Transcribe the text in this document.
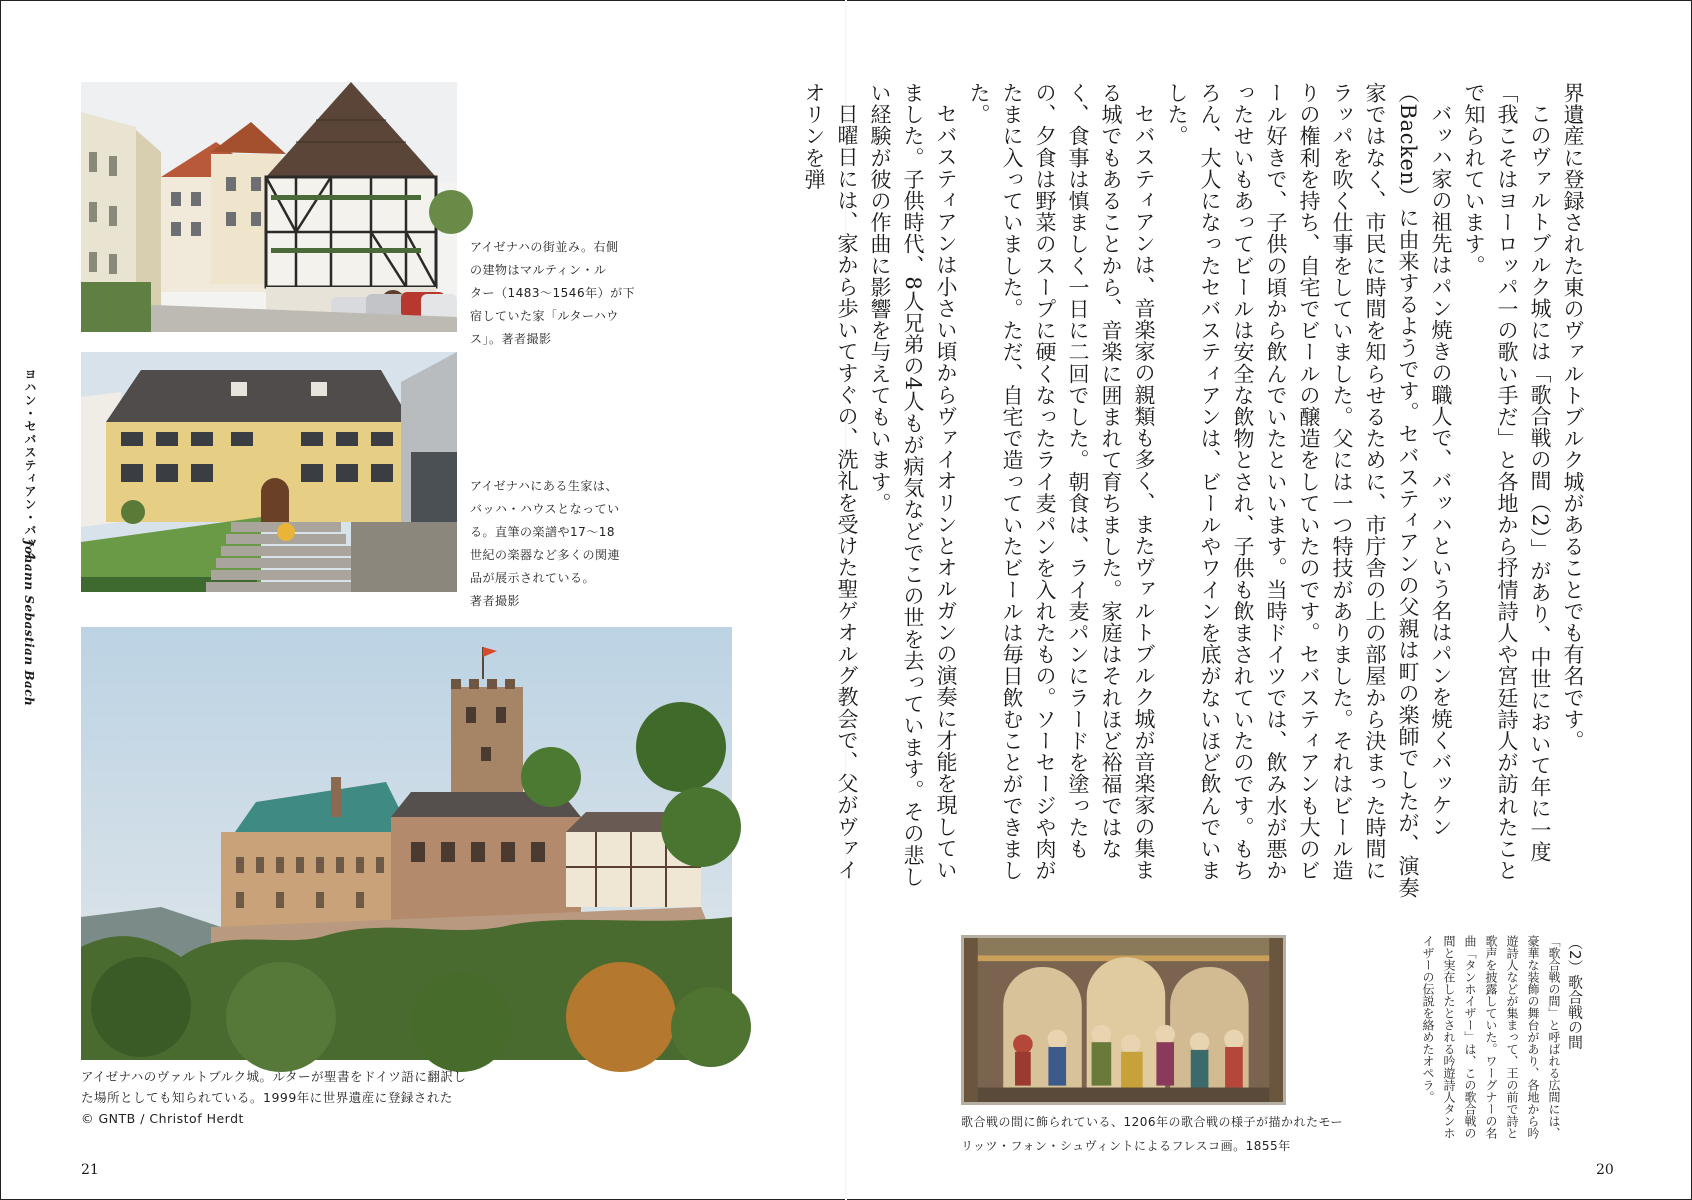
ヨハン・セバスティアン・バッハ
Johann Sebastian Bach
アイゼナハの街並み。右側
の建物はマルティン・ル
ター（1483〜1546年）が下
宿していた家「ルターハウ
ス」。著者撮影
アイゼナハにある生家は、
バッハ・ハウスとなってい
る。直筆の楽譜や17〜18
世紀の楽器など多くの関連
品が展示されている。
著者撮影
アイゼナハのヴァルトブルク城。ルターが聖書をドイツ語に翻訳し
た場所としても知られている。1999年に世界遺産に登録された
© GNTB / Christof Herdt
21

界遺産に登録された東のヴァルトブルク城があることでも有名です。

このヴァルトブルク城には「歌合戦の間（2）」があり、中世において年に一度「我こそはヨーロッパ一の歌い手だ」と各地から抒情詩人や宮廷詩人が訪れたことで知られています。

バッハ家の祖先はパン焼きの職人で、バッハという名はパンを焼くバッケン（Backen）に由来するようです。セバスティアンの父親は町の楽師でしたが、演奏家ではなく、市民に時間を知らせるために、市庁舎の上の部屋から決まった時間にラッパを吹く仕事をしていました。父には一つ特技がありました。それはビール造りの権利を持ち、自宅でビールの醸造をしていたのです。セバスティアンも大のビール好きで、子供の頃から飲んでいたといいます。当時ドイツでは、飲み水が悪かったせいもあってビールは安全な飲物とされ、子供も飲まされていたのです。もちろん、大人になったセバスティアンは、ビールやワインを底がないほど飲んでいました。

セバスティアンは、音楽家の親類も多く、またヴァルトブルク城が音楽家の集まる城でもあることから、音楽に囲まれて育ちました。家庭はそれほど裕福ではなく、食事は慎ましく一日に二回でした。朝食は、ライ麦パンにラードを塗ったもの、夕食は野菜のスープに硬くなったライ麦パンを入れたもの。ソーセージや肉がたまに入っていました。ただ、自宅で造っていたビールは毎日飲むことができました。

セバスティアンは小さい頃からヴァイオリンとオルガンの演奏に才能を現していました。子供時代、8人兄弟の4人もが病気などでこの世を去っています。その悲しい経験が彼の作曲に影響を与えてもいます。

日曜日には、家から歩いてすぐの、洗礼を受けた聖ゲオルグ教会で、父がヴァイオリンを弾

（2）歌合戦の間

「歌合戦の間」と呼ばれる広間には、豪華な装飾の舞台があり、各地から吟遊詩人などが集まって、王の前で詩と歌声を披露していた。ワーグナーの名曲「タンホイザー」は、この歌合戦の間と実在したとされる吟遊詩人タンホイザーの伝説を絡めたオペラ。

歌合戦の間に飾られている、1206年の歌合戦の様子が描かれたモー
リッツ・フォン・シュヴィントによるフレスコ画。1855年
20
